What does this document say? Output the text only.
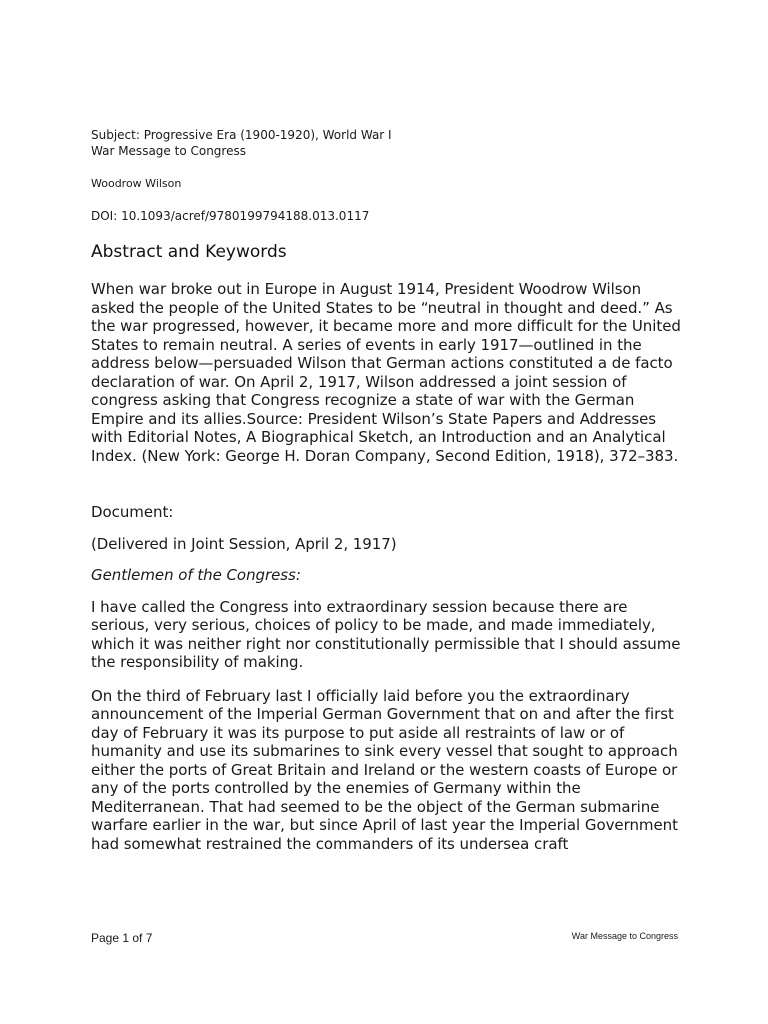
Subject: Progressive Era (1900-1920), World War I

War Message to Congress

Woodrow Wilson

DOI: 10.1093/acref/9780199794188.013.0117

Abstract and Keywords

When war broke out in Europe in August 1914, President Woodrow Wilson asked the people of the United States to be “neutral in thought and deed.” As the war progressed, however, it became more and more difficult for the United States to remain neutral. A series of events in early 1917—outlined in the address below—persuaded Wilson that German actions constituted a de facto declaration of war. On April 2, 1917, Wilson addressed a joint session of congress asking that Congress recognize a state of war with the German Empire and its allies.Source: President Wilson’s State Papers and Addresses with Editorial Notes, A Biographical Sketch, an Introduction and an Analytical Index. (New York: George H. Doran Company, Second Edition, 1918), 372–383.

Document:

(Delivered in Joint Session, April 2, 1917)

Gentlemen of the Congress:

I have called the Congress into extraordinary session because there are serious, very serious, choices of policy to be made, and made immediately, which it was neither right nor constitutionally permissible that I should assume the responsibility of making.

On the third of February last I officially laid before you the extraordinary announcement of the Imperial German Government that on and after the first day of February it was its purpose to put aside all restraints of law or of humanity and use its submarines to sink every vessel that sought to approach either the ports of Great Britain and Ireland or the western coasts of Europe or any of the ports controlled by the enemies of Germany within the Mediterranean. That had seemed to be the object of the German submarine warfare earlier in the war, but since April of last year the Imperial Government had somewhat restrained the commanders of its undersea craft

Page 1 of 7	War Message to Congress
